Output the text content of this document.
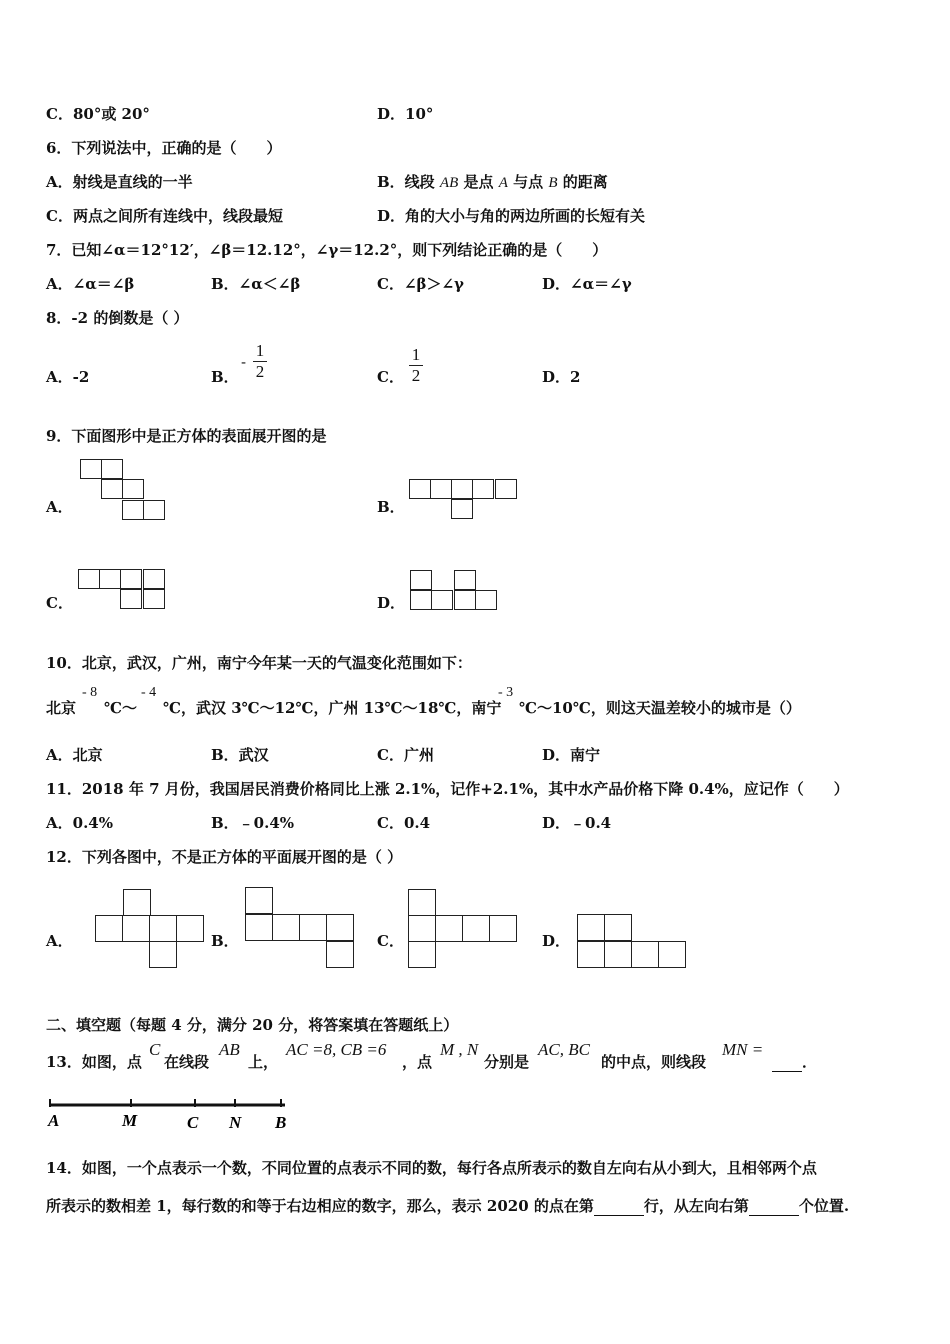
C．80°或 20°	D．10°
6．下列说法中，正确的是（　　）
A．射线是直线的一半	B．线段 AB 是点 A 与点 B 的距离
C．两点之间所有连线中，线段最短	D．角的大小与角的两边所画的长短有关
7．已知∠α＝12°12′，∠β＝12.12°，∠γ＝12.2°，则下列结论正确的是（　　）
A．∠α＝∠β	B．∠α＜∠β	C．∠β＞∠γ	D．∠α＝∠γ
8．-2 的倒数是（ ）
A．-2	B．
-
1
2	C．
1
2	D．2
9．下面图形中是正方体的表面展开图的是
A．	B．
C．	D．
10．北京，武汉，广州，南宁今年某一天的气温变化范围如下：
北京
- 8
℃～
- 4
℃，武汉 3℃～12℃，广州 13℃～18℃，南宁
- 3
℃～10℃，则这天温差较小的城市是（）
A．北京	B．武汉	C．广州	D．南宁
11．2018 年 7 月份，我国居民消费价格同比上涨 2.1%，记作+2.1%，其中水产品价格下降 0.4%，应记作（　　）
A．0.4%	B．﹣0.4%	C．0.4	D．﹣0.4
12．下列各图中，不是正方体的平面展开图的是（ ）
A．	B．	C．	D．
二、填空题（每题 4 分，满分 20 分，将答案填在答题纸上）
13．如图，点
C
在线段
AB
上，
AC =8, CB =6
，点
M , N
分别是
AC, BC
的中点，则线段
MN =
．
A	M	C N B
14．如图，一个点表示一个数，不同位置的点表示不同的数，每行各点所表示的数自左向右从小到大，且相邻两个点
所表示的数相差 1，每行数的和等于右边相应的数字，那么，表示 2020 的点在第	行，从左向右第	个位置.
